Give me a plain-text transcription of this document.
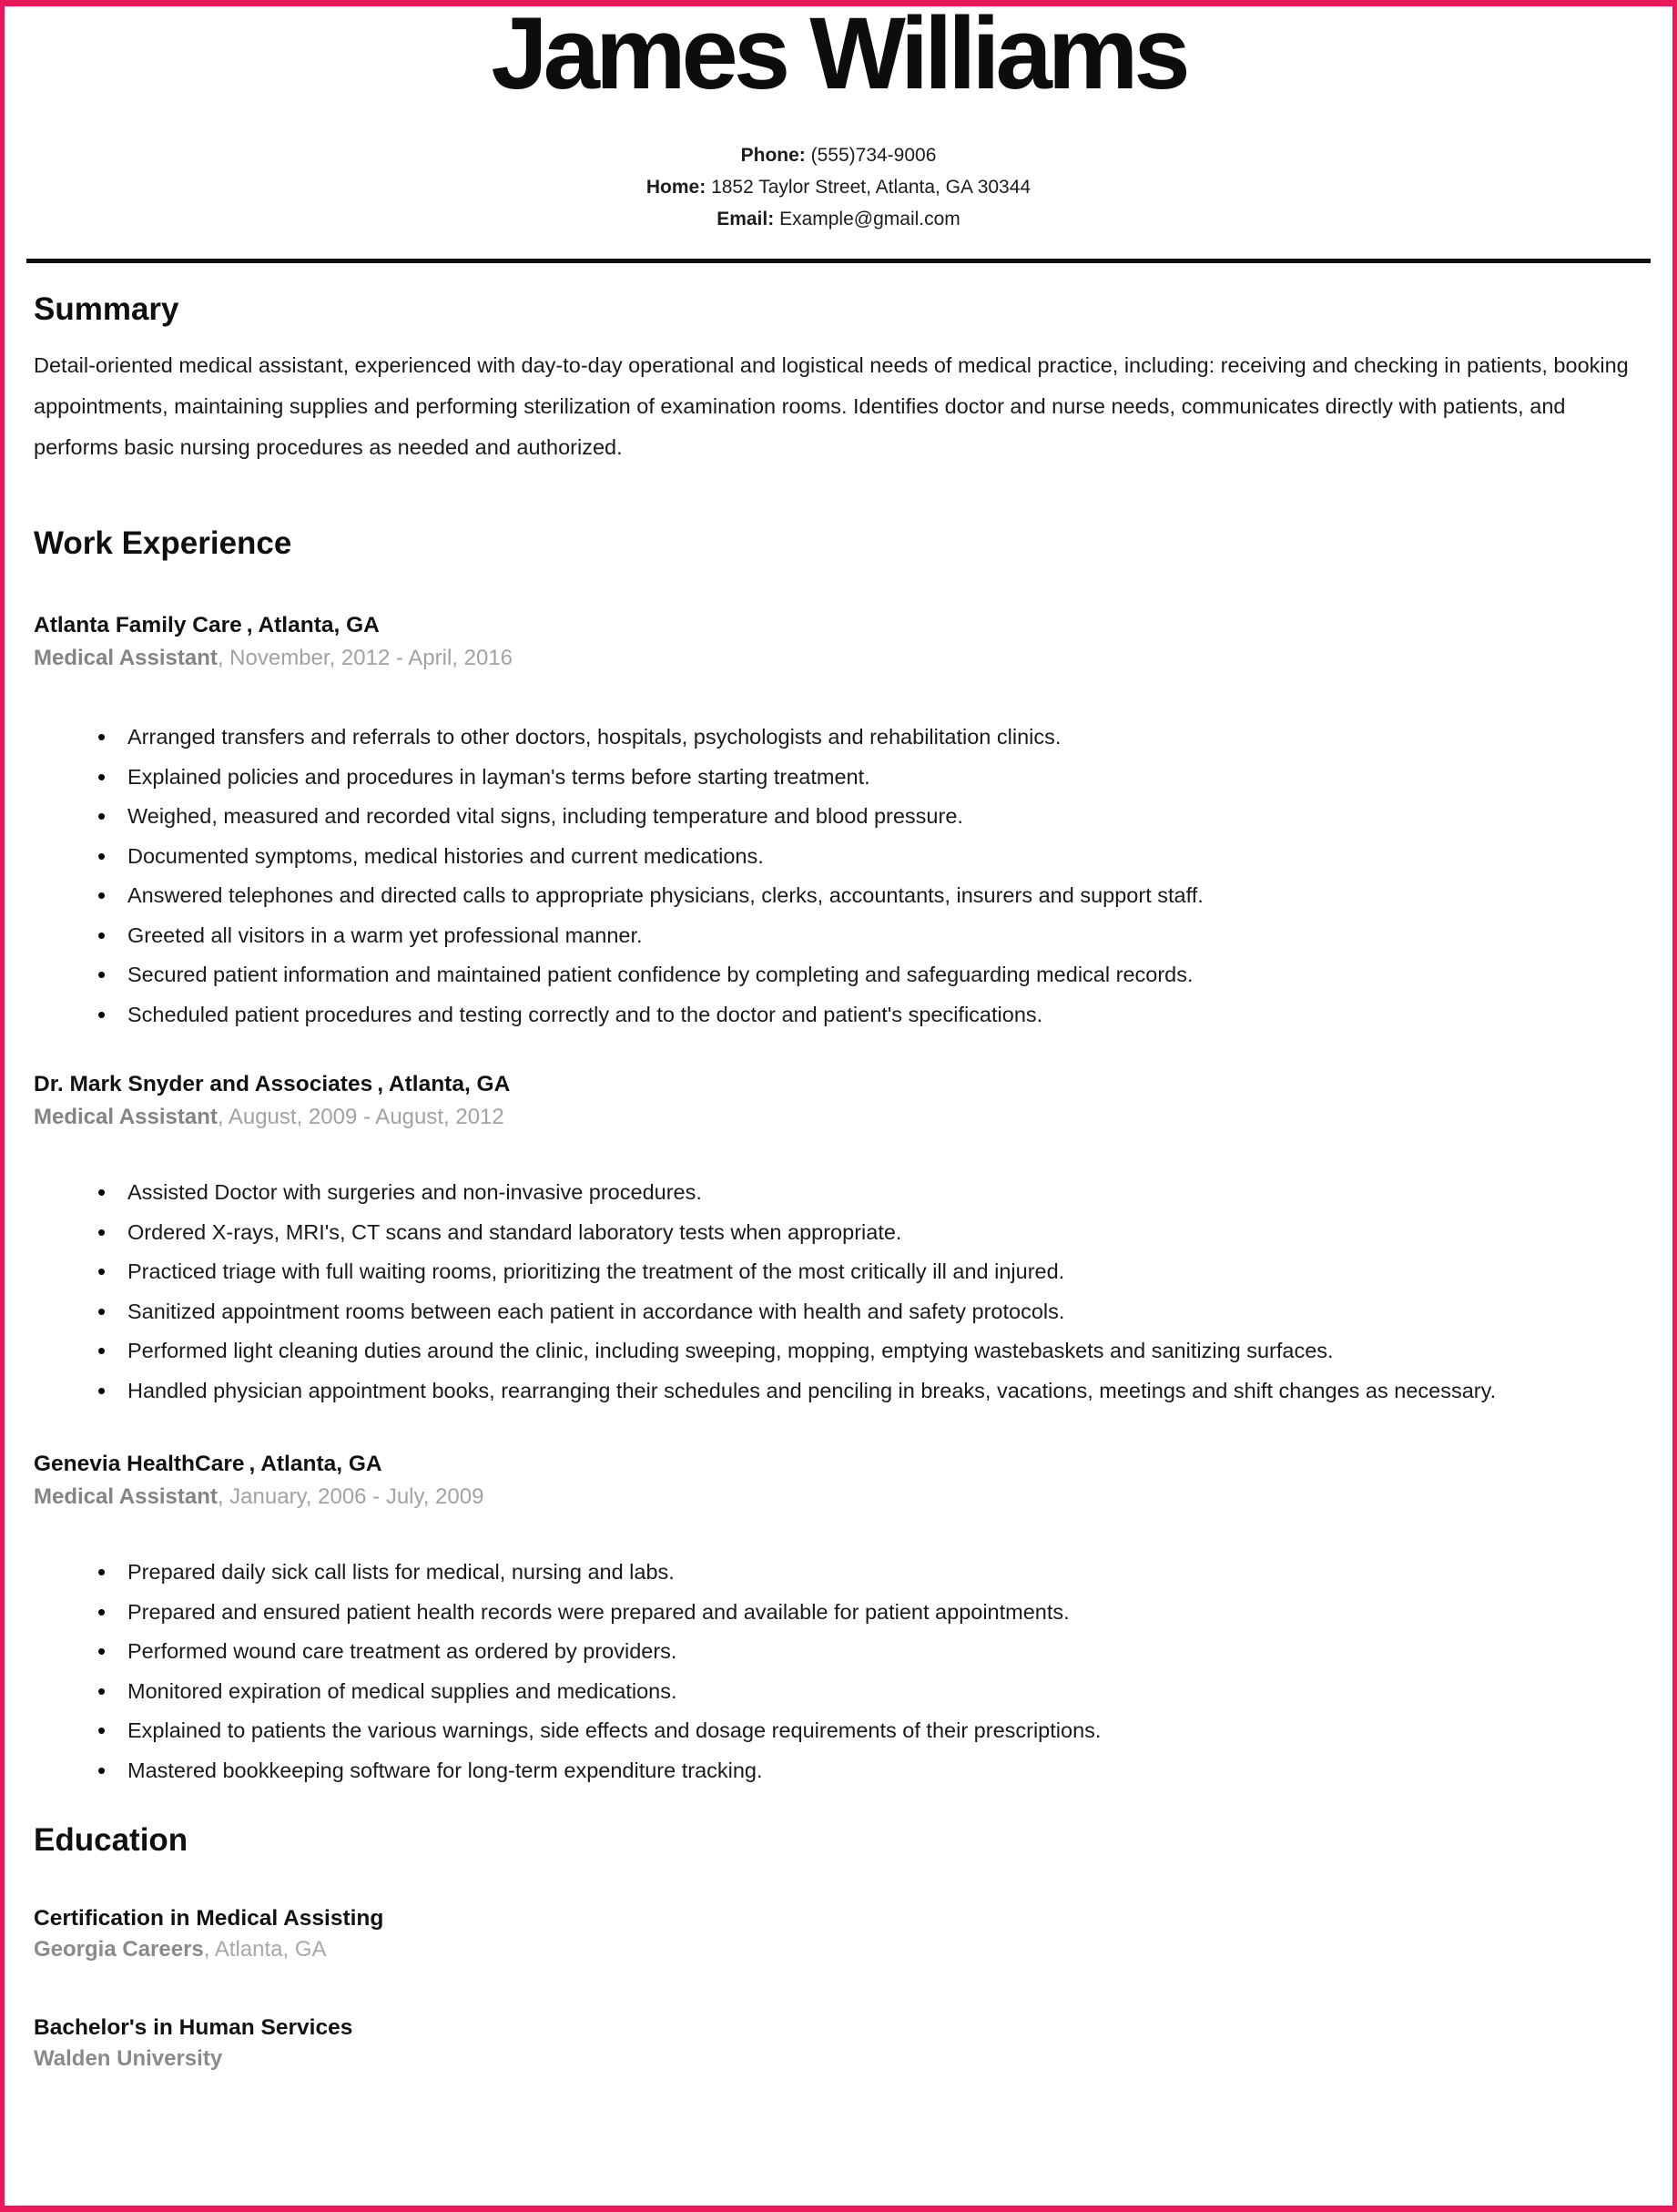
James Williams
Phone: (555)734-9006
Home: 1852 Taylor Street, Atlanta, GA 30344
Email: Example@gmail.com
Summary

Detail-oriented medical assistant, experienced with day-to-day operational and logistical needs of medical practice, including: receiving and checking in patients, booking appointments, maintaining supplies and performing sterilization of examination rooms. Identifies doctor and nurse needs, communicates directly with patients, and performs basic nursing procedures as needed and authorized.

Work Experience
Atlanta Family Care , Atlanta, GA
Medical Assistant, November, 2012 - April, 2016
• Arranged transfers and referrals to other doctors, hospitals, psychologists and rehabilitation clinics.
• Explained policies and procedures in layman's terms before starting treatment.
• Weighed, measured and recorded vital signs, including temperature and blood pressure.
• Documented symptoms, medical histories and current medications.
• Answered telephones and directed calls to appropriate physicians, clerks, accountants, insurers and support staff.
• Greeted all visitors in a warm yet professional manner.
• Secured patient information and maintained patient confidence by completing and safeguarding medical records.
• Scheduled patient procedures and testing correctly and to the doctor and patient's specifications.
Dr. Mark Snyder and Associates , Atlanta, GA
Medical Assistant, August, 2009 - August, 2012
• Assisted Doctor with surgeries and non-invasive procedures.
• Ordered X-rays, MRI's, CT scans and standard laboratory tests when appropriate.
• Practiced triage with full waiting rooms, prioritizing the treatment of the most critically ill and injured.
• Sanitized appointment rooms between each patient in accordance with health and safety protocols.
• Performed light cleaning duties around the clinic, including sweeping, mopping, emptying wastebaskets and sanitizing surfaces.
• Handled physician appointment books, rearranging their schedules and penciling in breaks, vacations, meetings and shift changes as necessary.
Genevia HealthCare , Atlanta, GA
Medical Assistant, January, 2006 - July, 2009
• Prepared daily sick call lists for medical, nursing and labs.
• Prepared and ensured patient health records were prepared and available for patient appointments.
• Performed wound care treatment as ordered by providers.
• Monitored expiration of medical supplies and medications.
• Explained to patients the various warnings, side effects and dosage requirements of their prescriptions.
• Mastered bookkeeping software for long-term expenditure tracking.
Education
Certification in Medical Assisting
Georgia Careers, Atlanta, GA
Bachelor's in Human Services
Walden University
